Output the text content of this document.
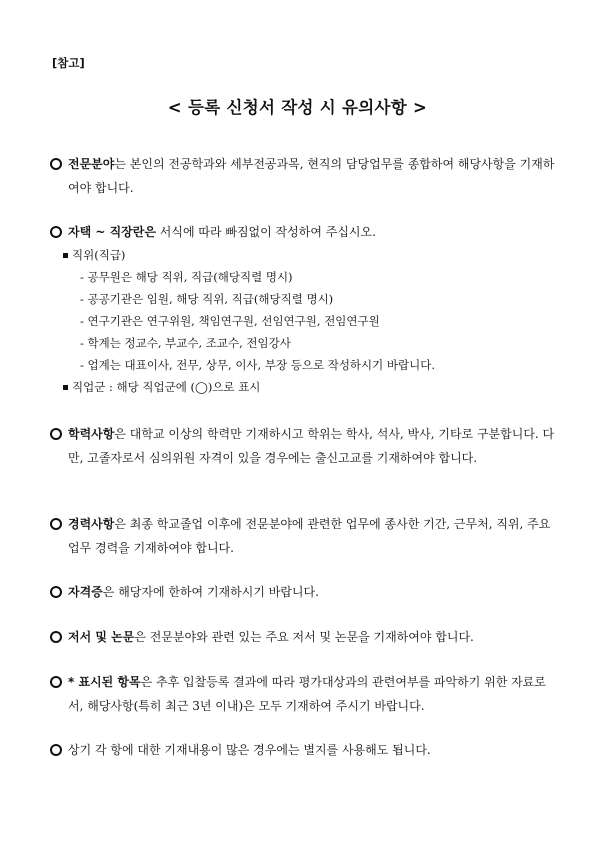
[참고]
< 등록 신청서 작성 시 유의사항 >
전문분야는 본인의 전공학과와 세부전공과목, 현직의 담당업무를 종합하여 해당사항을 기재하여야 합니다.
자택 ~ 직장란은 서식에 따라 빠짐없이 작성하여 주십시오.
직위(직급)
- 공무원은 해당 직위, 직급(해당직렬 명시)
- 공공기관은 임원, 해당 직위, 직급(해당직렬 명시)
- 연구기관은 연구위원, 책임연구원, 선임연구원, 전임연구원
- 학계는 정교수, 부교수, 조교수, 전임강사
- 업계는 대표이사, 전무, 상무, 이사, 부장 등으로 작성하시기 바랍니다.
직업군 : 해당 직업군에 (◯)으로 표시
학력사항은 대학교 이상의 학력만 기재하시고 학위는 학사, 석사, 박사, 기타로 구분합니다. 다만, 고졸자로서 심의위원 자격이 있을 경우에는 출신고교를 기재하여야 합니다.
경력사항은 최종 학교졸업 이후에 전문분야에 관련한 업무에 종사한 기간, 근무처, 직위, 주요업무 경력을 기재하여야 합니다.
자격증은 해당자에 한하여 기재하시기 바랍니다.
저서 및 논문은 전문분야와 관련 있는 주요 저서 및 논문을 기재하여야 합니다.
* 표시된 항목은 추후 입찰등록 결과에 따라 평가대상과의 관련여부를 파악하기 위한 자료로서, 해당사항(특히 최근 3년 이내)은 모두 기재하여 주시기 바랍니다.
상기 각 항에 대한 기재내용이 많은 경우에는 별지를 사용해도 됩니다.
